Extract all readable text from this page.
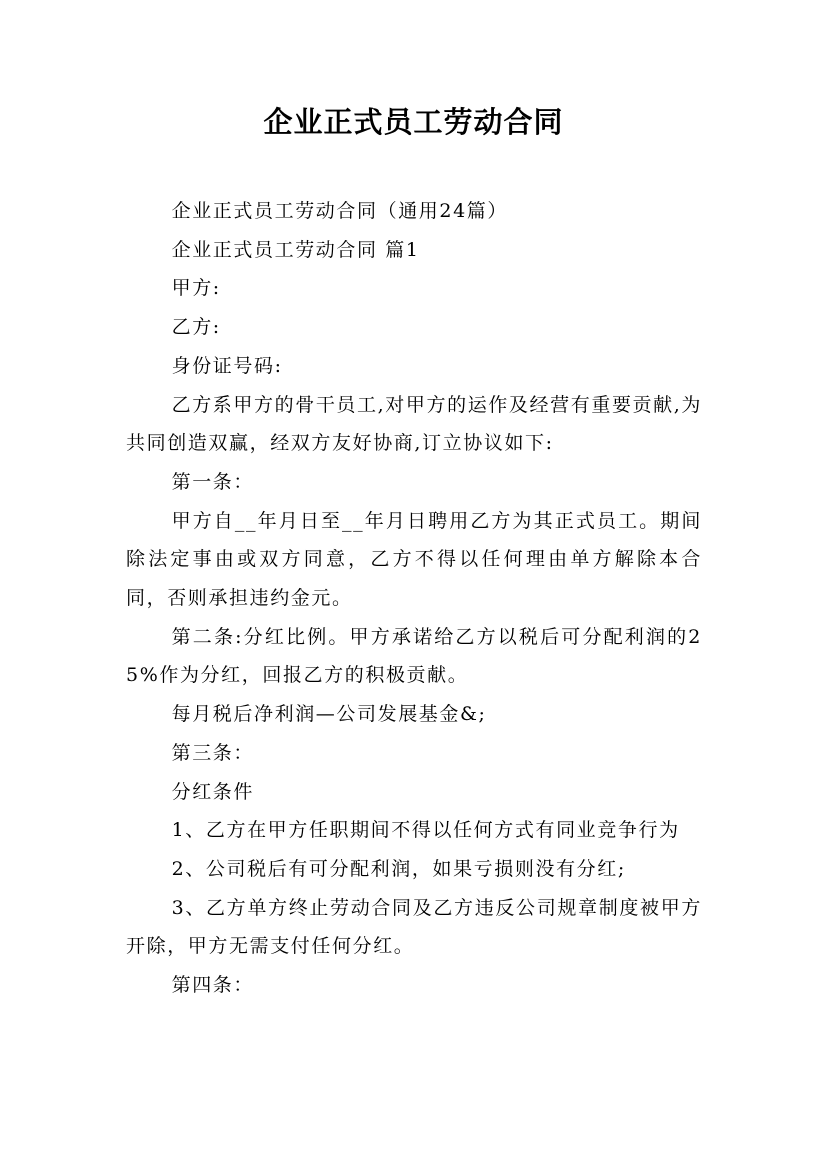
企业正式员工劳动合同

企业正式员工劳动合同（通用24篇）

企业正式员工劳动合同 篇1

甲方:

乙方:

身份证号码:

乙方系甲方的骨干员工,对甲方的运作及经营有重要贡献,为共同创造双赢，经双方友好协商,订立协议如下:

第一条：

甲方自__年月日至__年月日聘用乙方为其正式员工。期间除法定事由或双方同意，乙方不得以任何理由单方解除本合同，否则承担违约金元。

第二条:分红比例。甲方承诺给乙方以税后可分配利润的25%作为分红，回报乙方的积极贡献。

每月税后净利润—公司发展基金&;

第三条：

分红条件

1、乙方在甲方任职期间不得以任何方式有同业竞争行为

2、公司税后有可分配利润，如果亏损则没有分红;

3、乙方单方终止劳动合同及乙方违反公司规章制度被甲方开除，甲方无需支付任何分红。

第四条：
